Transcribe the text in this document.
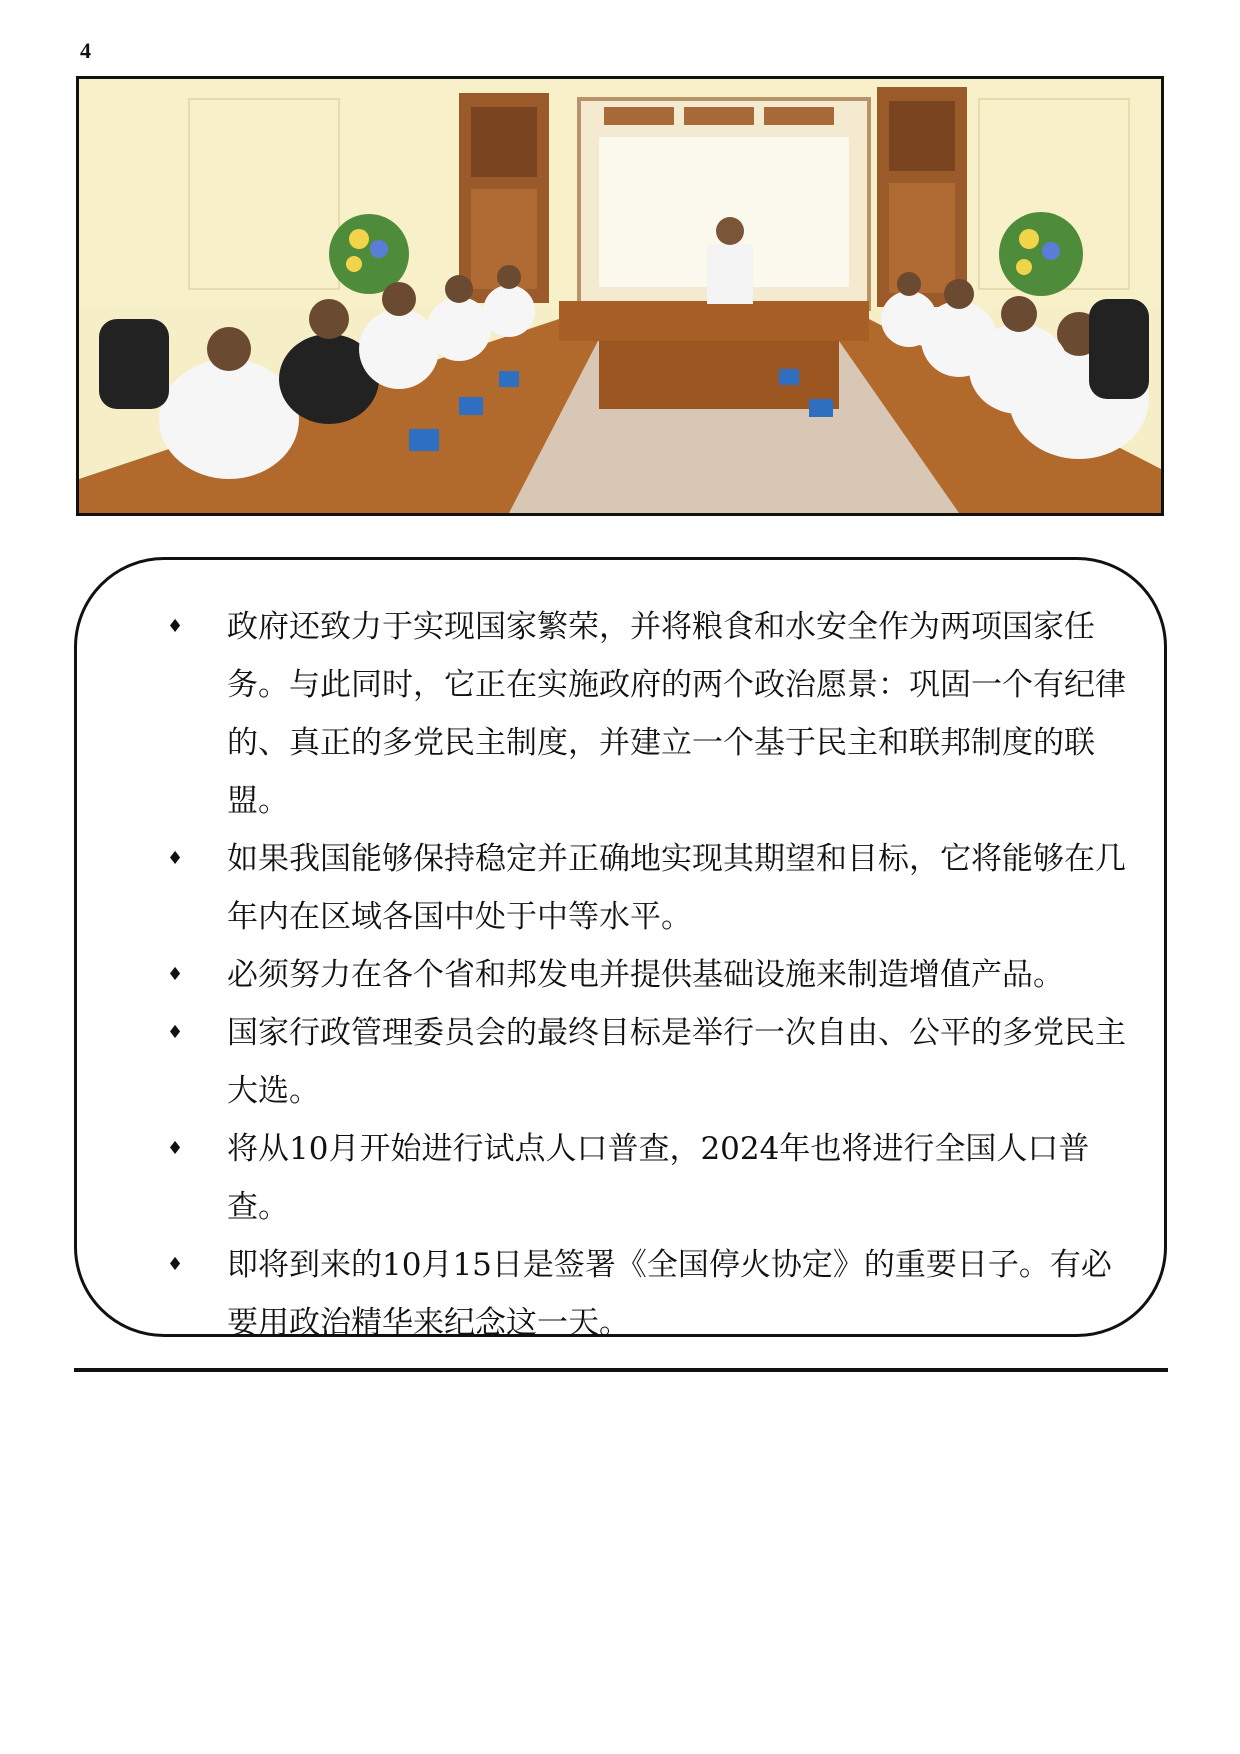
4
♦ 政府还致力于实现国家繁荣，并将粮食和水安全作为两项国家任务。与此同时，它正在实施政府的两个政治愿景：巩固一个有纪律的、真正的多党民主制度，并建立一个基于民主和联邦制度的联盟。
♦ 如果我国能够保持稳定并正确地实现其期望和目标，它将能够在几年内在区域各国中处于中等水平。
♦ 必须努力在各个省和邦发电并提供基础设施来制造增值产品。
♦ 国家行政管理委员会的最终目标是举行一次自由、公平的多党民主大选。
♦ 将从10月开始进行试点人口普查，2024年也将进行全国人口普查。
♦ 即将到来的10月15日是签署《全国停火协定》的重要日子。有必要用政治精华来纪念这一天。
